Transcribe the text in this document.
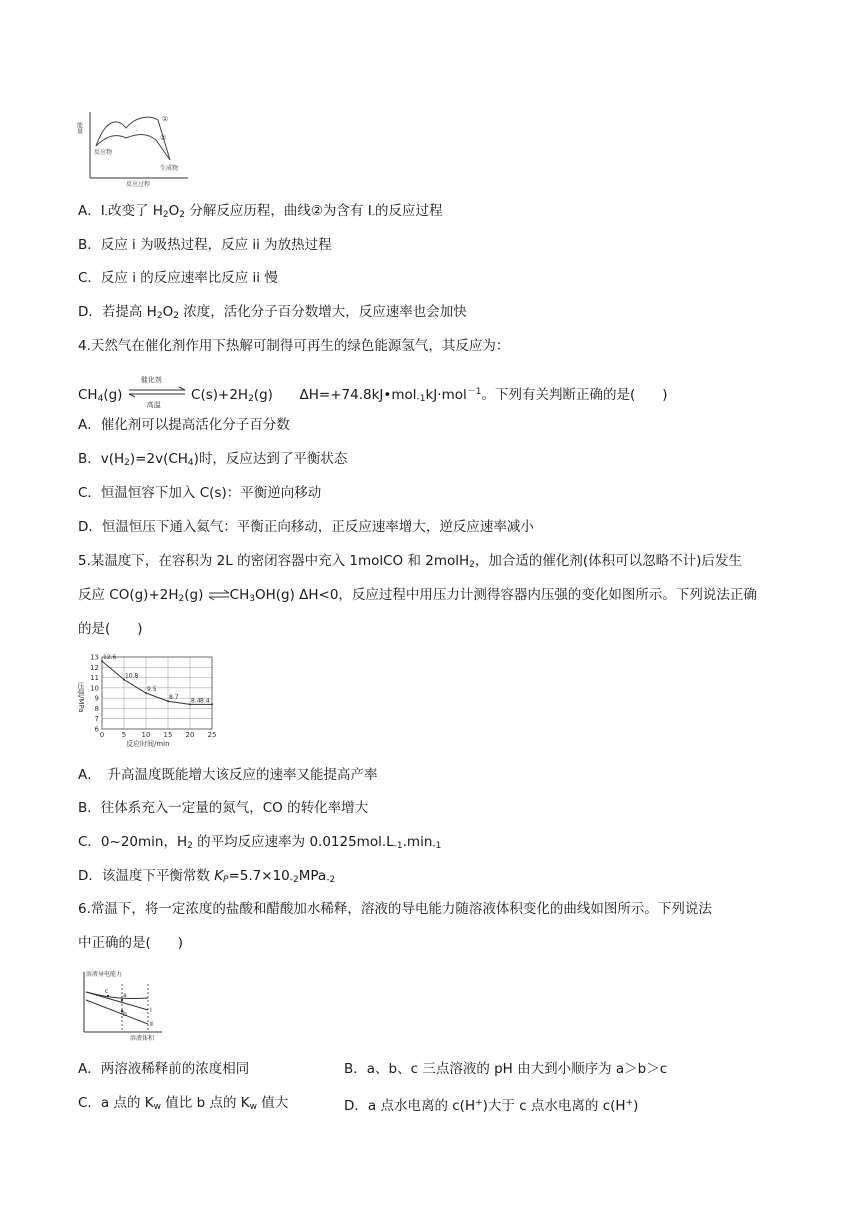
能量
反应过程
①
②
反应物
生成物
A．$I_-$改变了 $H_2O_2$ 分解反应历程，曲线②为含有 $I_-$的反应过程
B．反应 i 为吸热过程，反应 ii 为放热过程
C．反应 i 的反应速率比反应 ii 慢
D．若提高 $H_2O_2$ 浓度，活化分子百分数增大，反应速率也会加快
4.天然气在催化剂作用下热解可制得可再生的绿色能源氢气，其反应为：
$CH_4(g)$
催化剂
高温
$C(s)+2H_2(g)$ ΔH=+74.8kJ•mol$_{-1}$kJ·mol$^{-1}$。下列有关判断正确的是(　　)
A．催化剂可以提高活化分子百分数
B．$v(H_2)=2v(CH_4)$时，反应达到了平衡状态
C．恒温恒容下加入 C(s)：平衡逆向移动
D．恒温恒压下通入氦气：平衡正向移动，正反应速率增大，逆反应速率减小
5.某温度下，在容积为 2L 的密闭容器中充入 1molCO 和 2molH$_2$，加合适的催化剂(体积可以忽略不计)后发生
反应 $CO(g)+2H_2(g)$ $\rightleftharpoons CH_3OH(g)$ ΔH<0，反应过程中用压力计测得容器内压强的变化如图所示。下列说法正确
的是(　　)
12.6
10.8
9.5
8.7 8.4 8.4
6
7
8
9
10
11
12
13
0	5 10 15 20 25
压强/MPa
反应时间/min
A．　升高温度既能增大该反应的速率又能提高产率
B．往体系充入一定量的氮气，CO 的转化率增大
C．0~20min，$H_2$ 的平均反应速率为 $0.0125mol.L_{-1}.\min_{-1}$
D．该温度下平衡常数 $K_P=5.7\times 10_{-2}MPa_{-2}$
6.常温下，将一定浓度的盐酸和醋酸加水稀释，溶液的导电能力随溶液体积变化的曲线如图所示。下列说法
中正确的是(　　)
溶液导电能力
溶液体积
c
a
b
Ⅰ
Ⅱ
A．两溶液稀释前的浓度相同	B．a、b、c 三点溶液的 pH 由大到小顺序为 a＞b＞c
C．a 点的 $K_w$ 值比 b 点的 $K_w$ 值大	D．a 点水电离的 c(H+)大于 c 点水电离的 c(H+)
